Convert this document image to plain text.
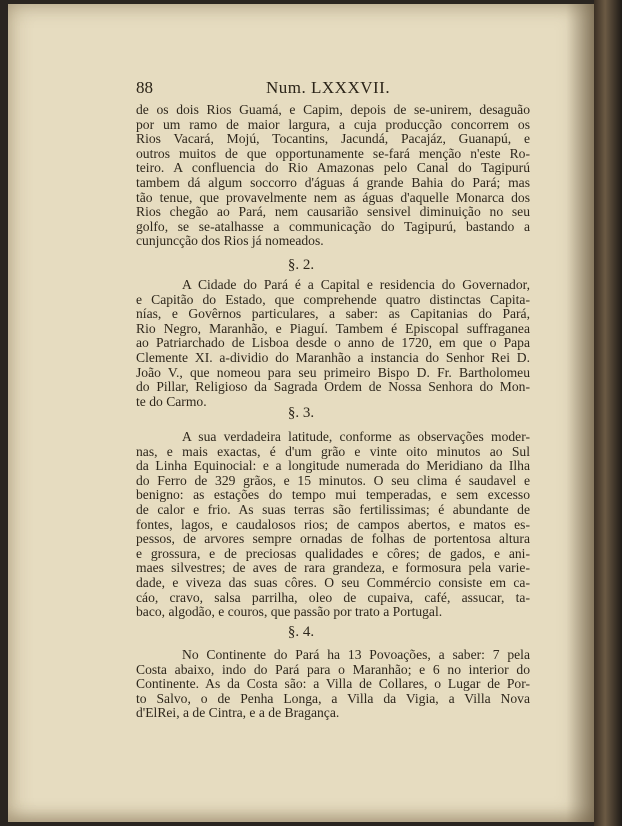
88	Num. LXXXVII.
de os dois Rios Guamá, e Capim, depois de se-unirem, desaguão
por um ramo de maior largura, a cuja producção concorrem os
Rios Vacará, Mojú, Tocantins, Jacundá, Pacajáz, Guanapú, e
outros muitos de que opportunamente se-fará menção n'este Ro-
teiro. A confluencia do Rio Amazonas pelo Canal do Tagipurú
tambem dá algum soccorro d'águas á grande Bahia do Pará; mas
tão tenue, que provavelmente nem as águas d'aquelle Monarca dos
Rios chegão ao Pará, nem causarião sensivel diminuição no seu
golfo, se se-atalhasse a communicação do Tagipurú, bastando a
cunjuncção dos Rios já nomeados.
§. 2.
A Cidade do Pará é a Capital e residencia do Governador,
e Capitão do Estado, que comprehende quatro distinctas Capita-
nías, e Govêrnos particulares, a saber: as Capitanias do Pará,
Rio Negro, Maranhão, e Piaguí. Tambem é Episcopal suffraganea
ao Patriarchado de Lisboa desde o anno de 1720, em que o Papa
Clemente XI. a-dividio do Maranhão a instancia do Senhor Rei D.
João V., que nomeou para seu primeiro Bispo D. Fr. Bartholomeu
do Pillar, Religioso da Sagrada Ordem de Nossa Senhora do Mon-
te do Carmo.
§. 3.
A sua verdadeira latitude, conforme as observações moder-
nas, e mais exactas, é d'um grão e vinte oito minutos ao Sul
da Linha Equinocial: e a longitude numerada do Meridiano da Ilha
do Ferro de 329 grãos, e 15 minutos. O seu clima é saudavel e
benigno: as estações do tempo mui temperadas, e sem excesso
de calor e frio. As suas terras são fertilissimas; é abundante de
fontes, lagos, e caudalosos rios; de campos abertos, e matos es-
pessos, de arvores sempre ornadas de folhas de portentosa altura
e grossura, e de preciosas qualidades e côres; de gados, e ani-
maes silvestres; de aves de rara grandeza, e formosura pela varie-
dade, e viveza das suas côres. O seu Commércio consiste em ca-
cáo, cravo, salsa parrilha, oleo de cupaiva, café, assucar, ta-
baco, algodão, e couros, que passão por trato a Portugal.
§. 4.
No Continente do Pará ha 13 Povoações, a saber: 7 pela
Costa abaixo, indo do Pará para o Maranhão; e 6 no interior do
Continente. As da Costa são: a Villa de Collares, o Lugar de Por-
to Salvo, o de Penha Longa, a Villa da Vigia, a Villa Nova
d'ElRei, a de Cintra, e a de Bragança.
